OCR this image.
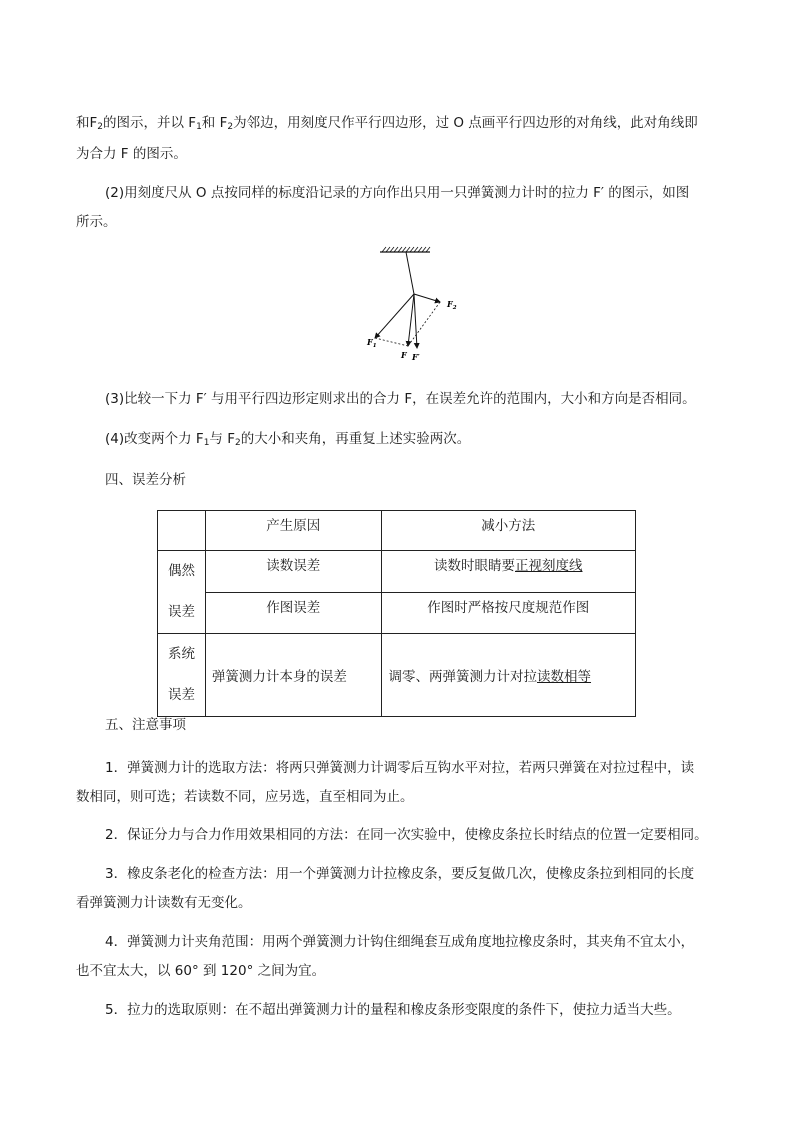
和$F_2$的图示，并以 $F_1$和 $F_2$为邻边，用刻度尺作平行四边形，过 O 点画平行四边形的对角线，此对角线即
为合力 F 的图示。
(2)用刻度尺从 O 点按同样的标度沿记录的方向作出只用一只弹簧测力计时的拉力 F′ 的图示，如图
所示。
$F_1$
$F_2$
F F′
(3)比较一下力 F′ 与用平行四边形定则求出的合力 F，在误差允许的范围内，大小和方向是否相同。
(4)改变两个力 $F_1$与 $F_2$的大小和夹角，再重复上述实验两次。
四、误差分析
	产生原因	减小方法

偶然
误差	读数误差	读数时眼睛要正视刻度线
	作图误差	作图时严格按尺度规范作图

系统
误差	弹簧测力计本身的误差	调零、两弹簧测力计对拉读数相等
五、注意事项
1．弹簧测力计的选取方法：将两只弹簧测力计调零后互钩水平对拉，若两只弹簧在对拉过程中，读
数相同，则可选；若读数不同，应另选，直至相同为止。
2．保证分力与合力作用效果相同的方法：在同一次实验中，使橡皮条拉长时结点的位置一定要相同。
3．橡皮条老化的检查方法：用一个弹簧测力计拉橡皮条，要反复做几次，使橡皮条拉到相同的长度
看弹簧测力计读数有无变化。
4．弹簧测力计夹角范围：用两个弹簧测力计钩住细绳套互成角度地拉橡皮条时，其夹角不宜太小，
也不宜太大，以 60° 到 120° 之间为宜。
5．拉力的选取原则：在不超出弹簧测力计的量程和橡皮条形变限度的条件下，使拉力适当大些。
